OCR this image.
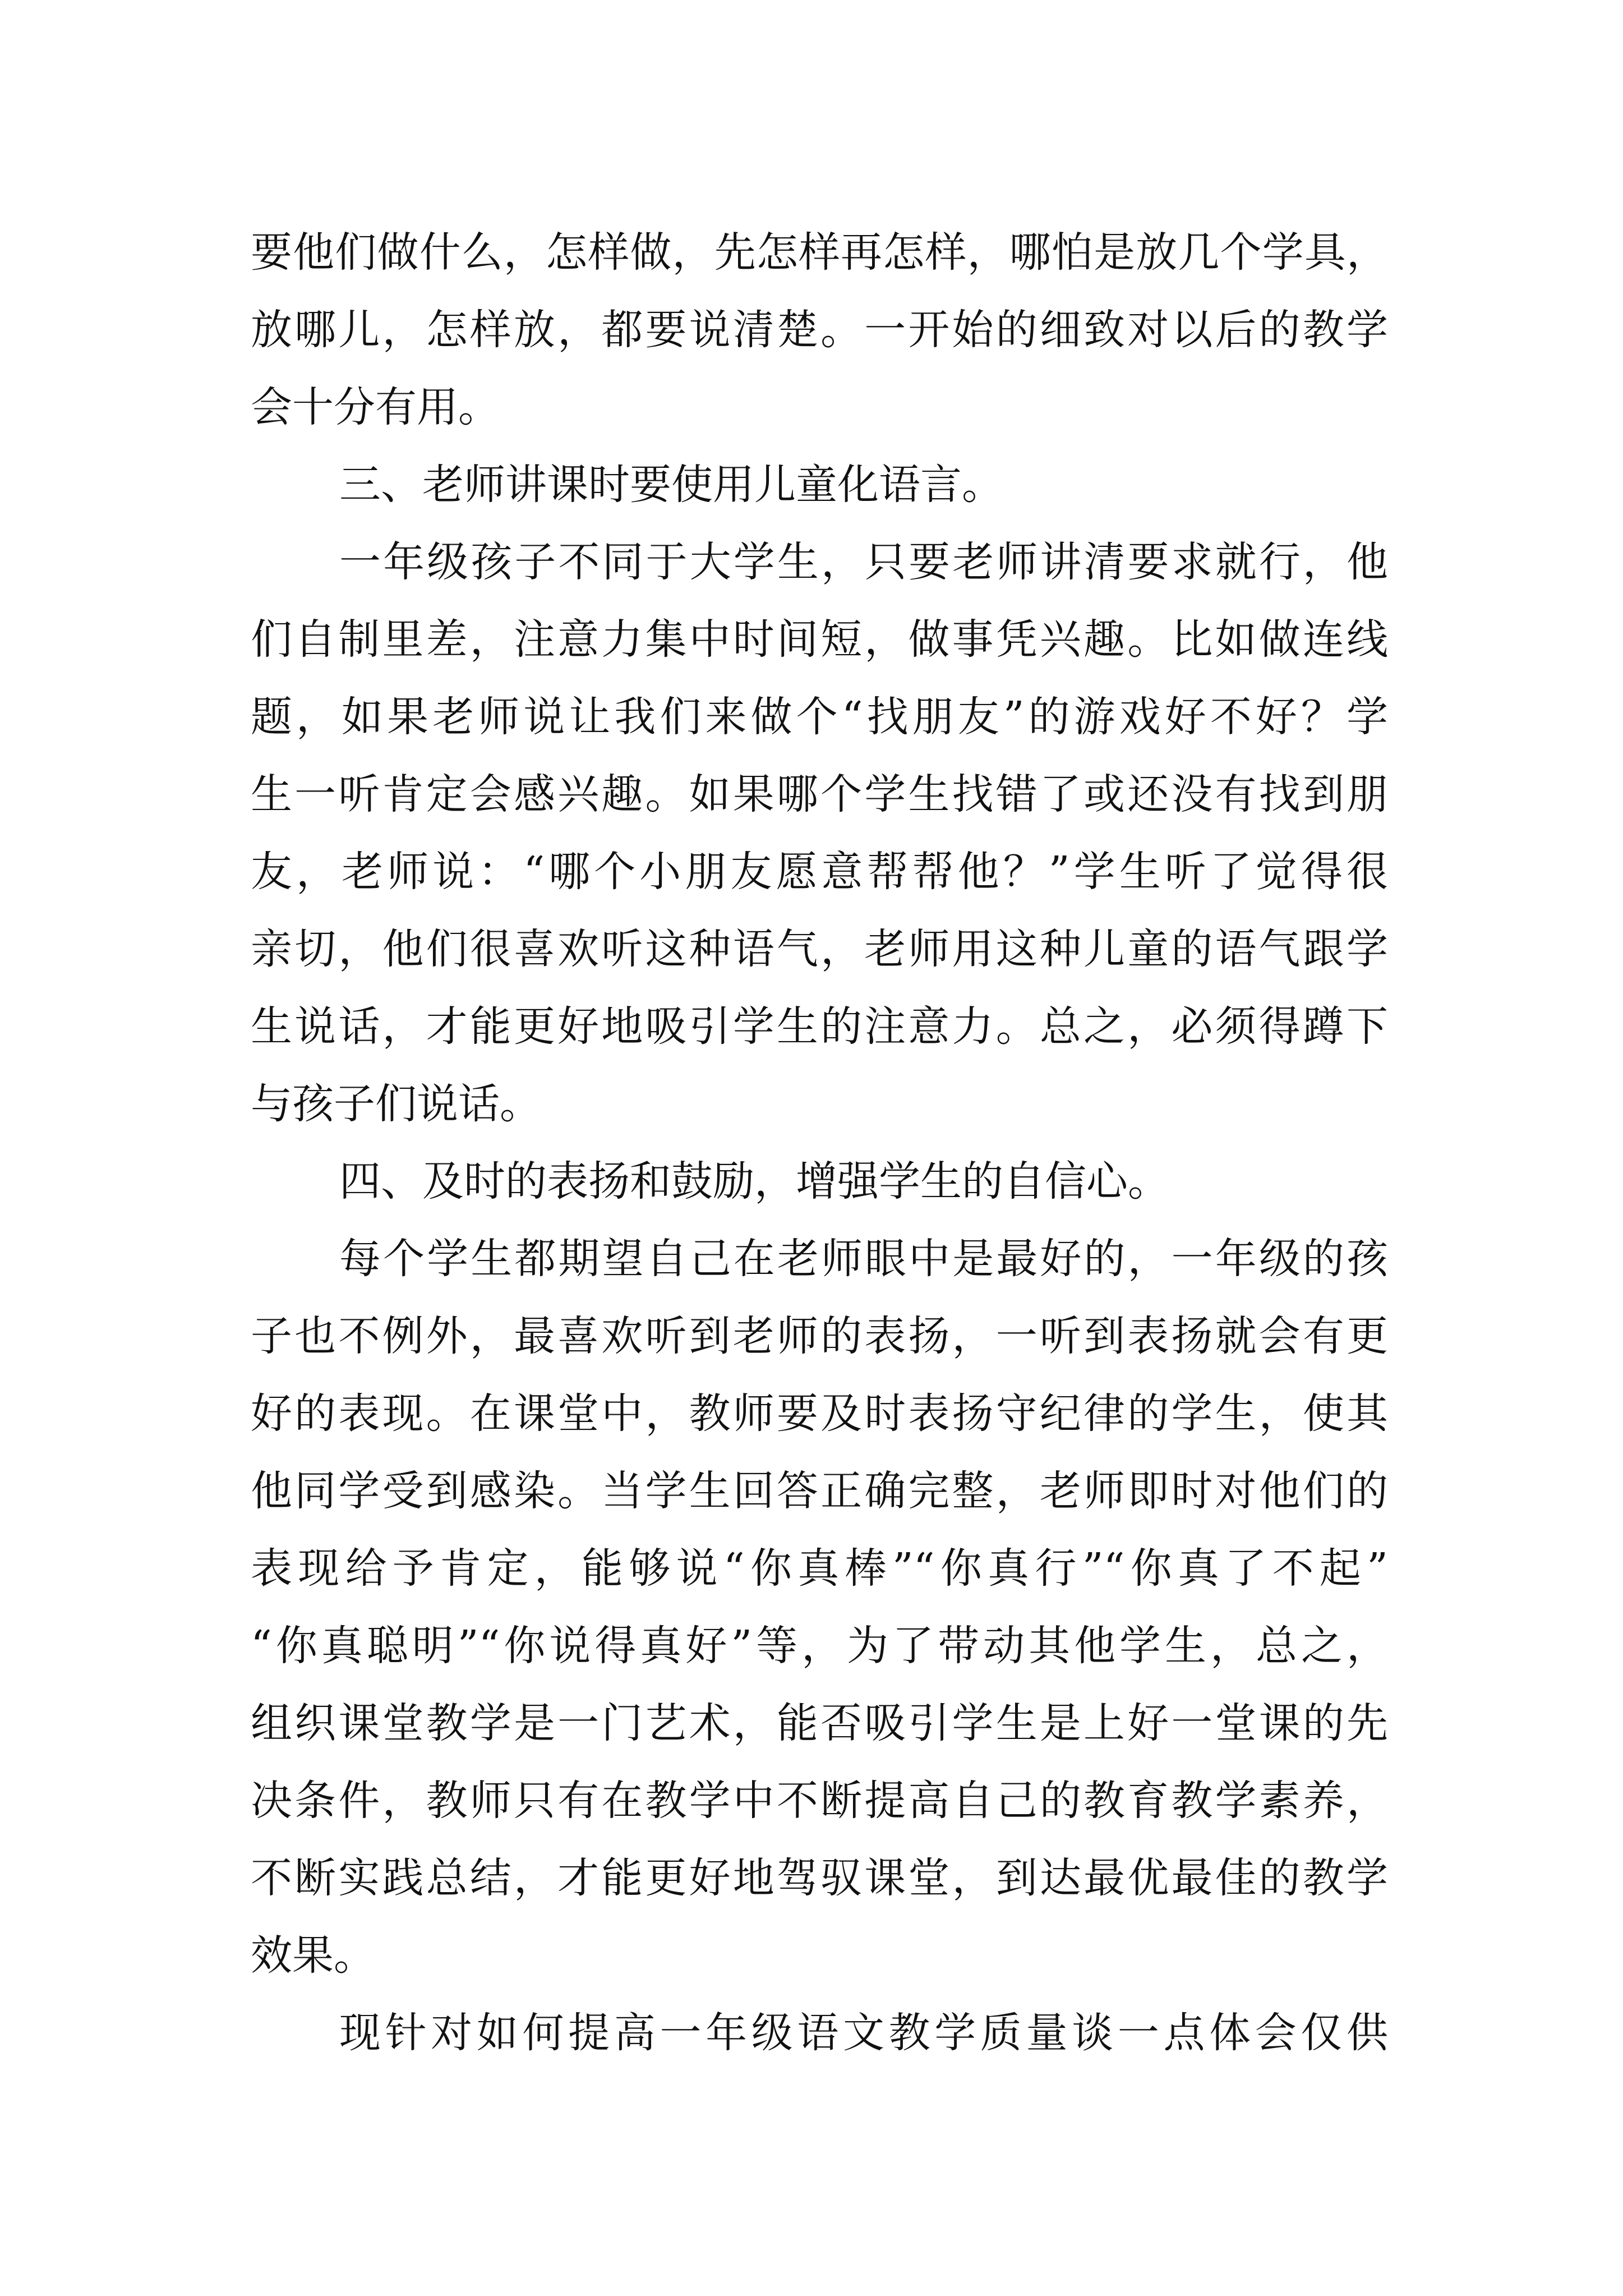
要他们做什么，怎样做，先怎样再怎样，哪怕是放几个学具，
放哪儿，怎样放，都要说清楚。一开始的细致对以后的教学
会十分有用。
三、老师讲课时要使用儿童化语言。
一年级孩子不同于大学生，只要老师讲清要求就行，他
们自制里差，注意力集中时间短，做事凭兴趣。比如做连线
题，如果老师说让我们来做个“找朋友”的游戏好不好？学
生一听肯定会感兴趣。如果哪个学生找错了或还没有找到朋
友，老师说：“哪个小朋友愿意帮帮他？”学生听了觉得很
亲切，他们很喜欢听这种语气，老师用这种儿童的语气跟学
生说话，才能更好地吸引学生的注意力。总之，必须得蹲下
与孩子们说话。
四、及时的表扬和鼓励，增强学生的自信心。
每个学生都期望自己在老师眼中是最好的，一年级的孩
子也不例外，最喜欢听到老师的表扬，一听到表扬就会有更
好的表现。在课堂中，教师要及时表扬守纪律的学生，使其
他同学受到感染。当学生回答正确完整，老师即时对他们的
表现给予肯定，能够说“你真棒”“你真行”“你真了不起”
“你真聪明”“你说得真好”等，为了带动其他学生，总之，
组织课堂教学是一门艺术，能否吸引学生是上好一堂课的先
决条件，教师只有在教学中不断提高自己的教育教学素养，
不断实践总结，才能更好地驾驭课堂，到达最优最佳的教学
效果。
现针对如何提高一年级语文教学质量谈一点体会仅供
